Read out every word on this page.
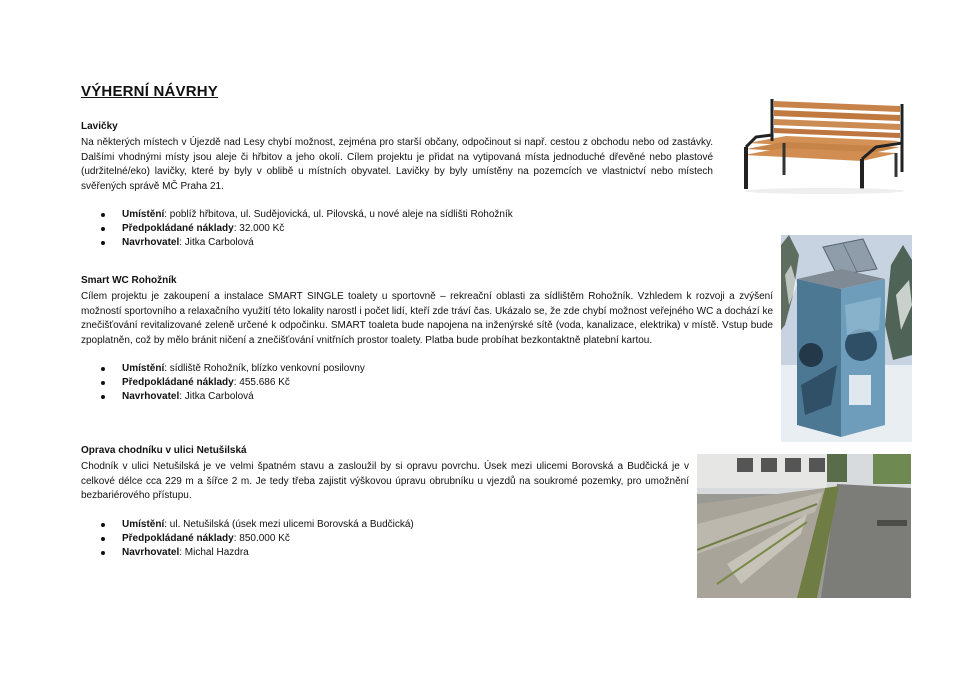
VÝHERNÍ NÁVRHY
Lavičky

Na některých místech v Újezdě nad Lesy chybí možnost, zejména pro starší občany, odpočinout si např. cestou z obchodu nebo od zastávky. Dalšími vhodnými místy jsou aleje či hřbitov a jeho okolí. Cílem projektu je přidat na vytipovaná místa jednoduché dřevěné nebo plastové (udržitelné/eko) lavičky, které by byly v oblibě u místních obyvatel. Lavičky by byly umístěny na pozemcích ve vlastnictví nebo místech svěřených správě MČ Praha 21.

Umístění: poblíž hřbitova, ul. Sudějovická, ul. Pilovská, u nové aleje na sídlišti Rohožník
Předpokládané náklady: 32.000 Kč
Navrhovatel: Jitka Carbolová
Smart WC Rohožník

Cílem projektu je zakoupení a instalace SMART SINGLE toalety u sportovně – rekreační oblasti za sídlištěm Rohožník. Vzhledem k rozvoji a zvýšení možností sportovního a relaxačního využití této lokality narostl i počet lidí, kteří zde tráví čas. Ukázalo se, že zde chybí možnost veřejného WC a dochází ke znečišťování revitalizované zeleně určené k odpočinku. SMART toaleta bude napojena na inženýrské sítě (voda, kanalizace, elektrika) v místě. Vstup bude zpoplatněn, což by mělo bránit ničení a znečišťování vnitřních prostor toalety. Platba bude probíhat bezkontaktně platební kartou.

Umístění: sídliště Rohožník, blízko venkovní posilovny
Předpokládané náklady: 455.686 Kč
Navrhovatel: Jitka Carbolová
Oprava chodníku v ulici Netušilská

Chodník v ulici Netušilská je ve velmi špatném stavu a zasloužil by si opravu povrchu. Úsek mezi ulicemi Borovská a Budčická je v celkové délce cca 229 m a šířce 2 m. Je tedy třeba zajistit výškovou úpravu obrubníku u vjezdů na soukromé pozemky, pro umožnění bezbariérového přístupu.

Umístění: ul. Netušilská (úsek mezi ulicemi Borovská a Budčická)
Předpokládané náklady: 850.000 Kč
Navrhovatel: Michal Hazdra
